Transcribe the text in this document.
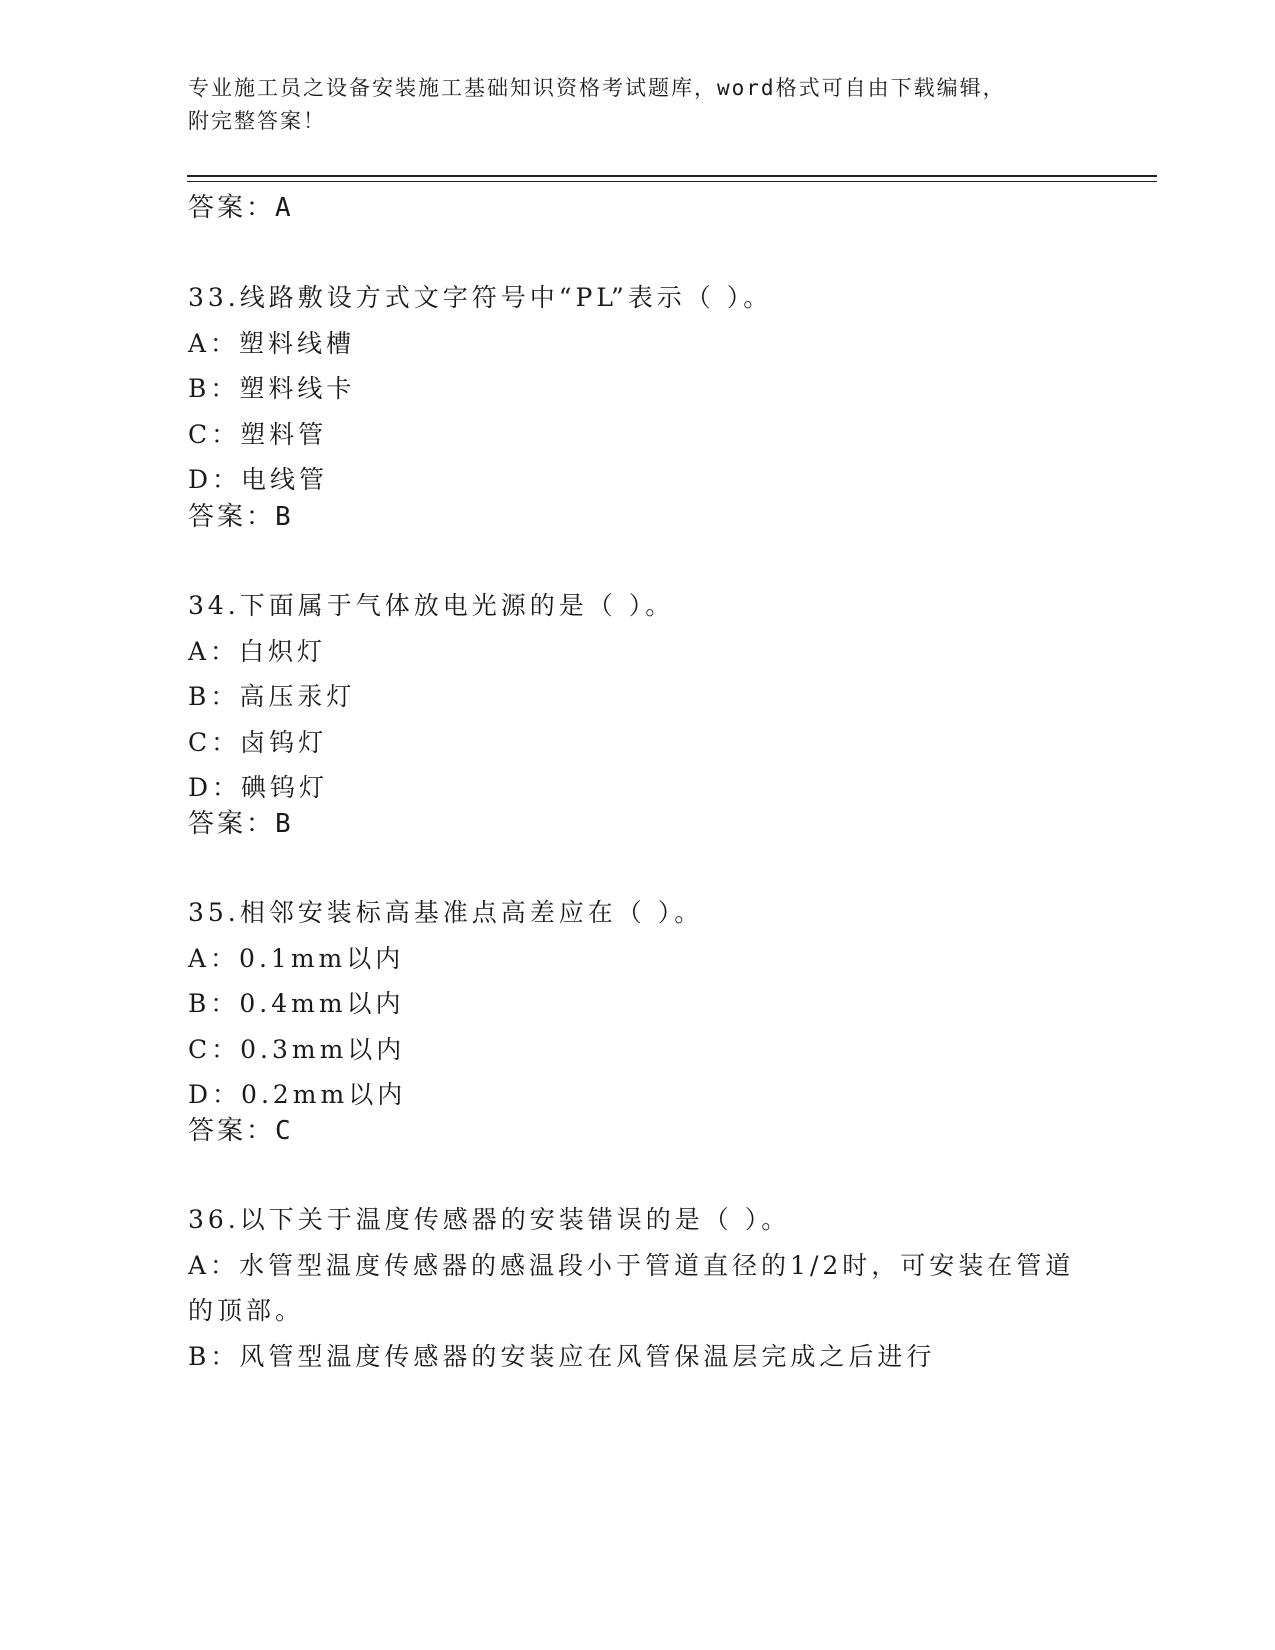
专业施工员之设备安装施工基础知识资格考试题库，word格式可自由下载编辑，
附完整答案！
答案：A

33.线路敷设方式文字符号中“PL”表示（ ）。

A：塑料线槽

B：塑料线卡

C：塑料管

D：电线管

答案：B

34.下面属于气体放电光源的是（ ）。

A：白炽灯

B：高压汞灯

C：卤钨灯

D：碘钨灯

答案：B

35.相邻安装标高基准点高差应在（ ）。

A：0.1mm以内

B：0.4mm以内

C：0.3mm以内

D：0.2mm以内

答案：C

36.以下关于温度传感器的安装错误的是（ ）。

A：水管型温度传感器的感温段小于管道直径的1/2时，可安装在管道的顶部。

B：风管型温度传感器的安装应在风管保温层完成之后进行
